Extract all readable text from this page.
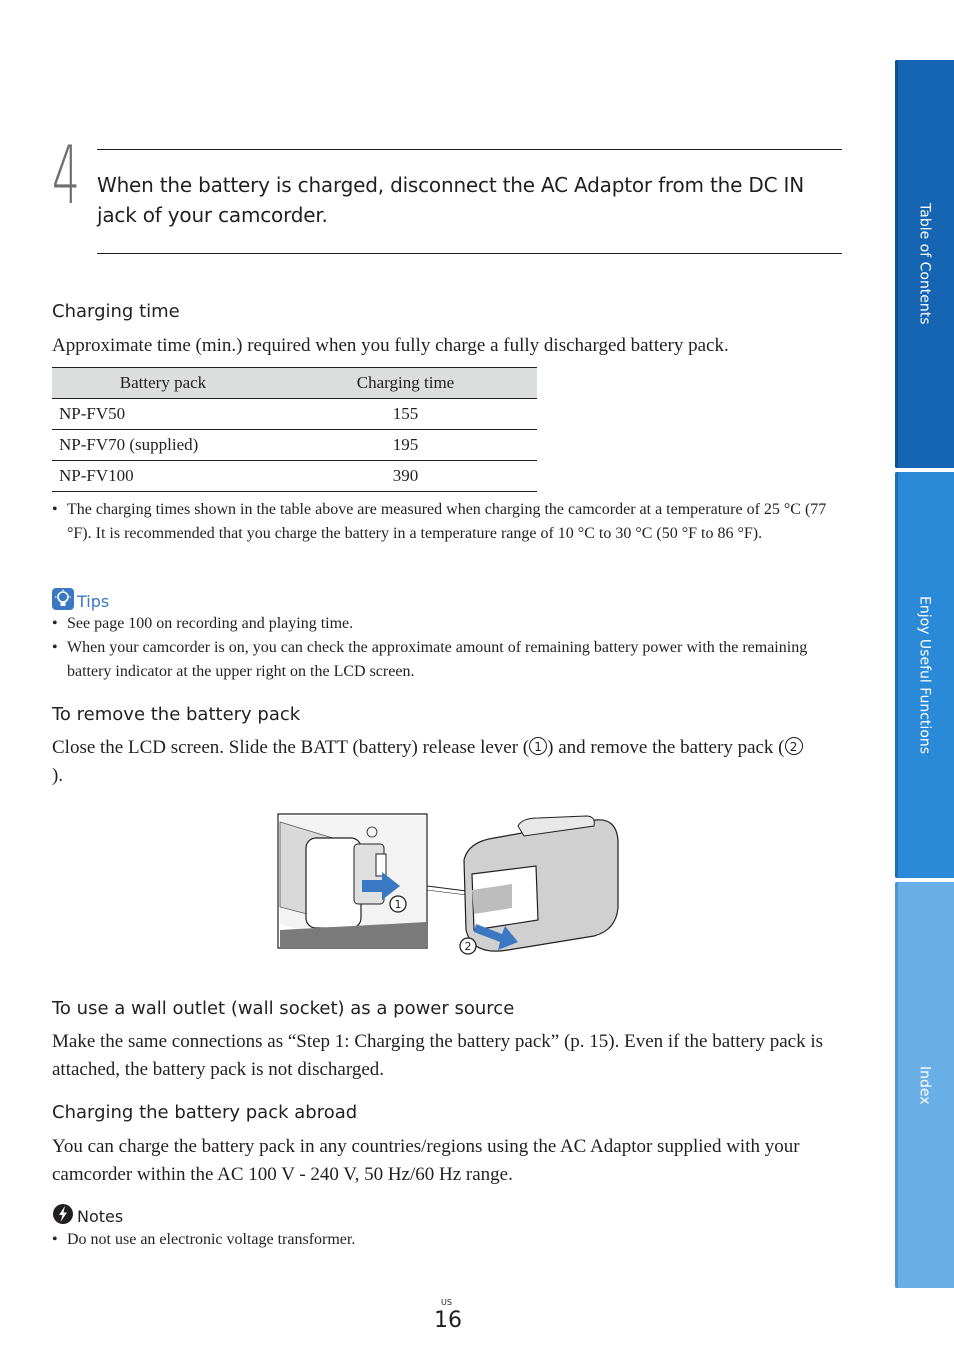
4 When the battery is charged, disconnect the AC Adaptor from the DC IN jack of your camcorder.
Charging time
Approximate time (min.) required when you fully charge a fully discharged battery pack.
Battery pack	Charging time
NP-FV50	155
NP-FV70 (supplied)	195
NP-FV100	390
• The charging times shown in the table above are measured when charging the camcorder at a temperature of 25 °C (77 °F). It is recommended that you charge the battery in a temperature range of 10 °C to 30 °C (50 °F to 86 °F).
Tips
• See page 100 on recording and playing time.
• When your camcorder is on, you can check the approximate amount of remaining battery power with the remaining battery indicator at the upper right on the LCD screen.
To remove the battery pack
Close the LCD screen. Slide the BATT (battery) release lever ( 1 ) and remove the battery pack ( 2).
1
2
To use a wall outlet (wall socket) as a power source
Make the same connections as “Step 1: Charging the battery pack” (p. 15). Even if the battery pack is attached, the battery pack is not discharged.
Charging the battery pack abroad
You can charge the battery pack in any countries/regions using the AC Adaptor supplied with your camcorder within the AC 100 V - 240 V, 50 Hz/60 Hz range.
Notes
• Do not use an electronic voltage transformer.
US
16
Table of Contents
Enjoy Useful Functions
Index
